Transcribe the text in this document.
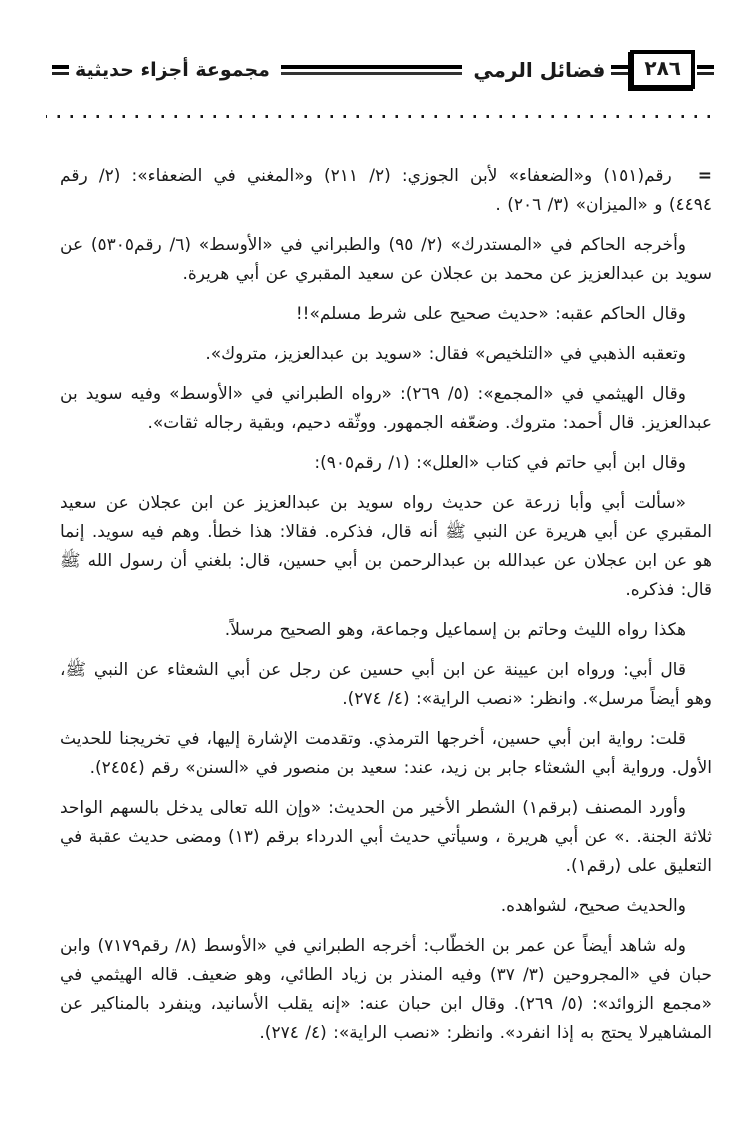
٢٨٦
فضائل الرمي
مجموعة أجزاء حديثية

=رقم(١٥١) و«الضعفاء» لأبن الجوزي: (٢/ ٢١١) و«المغني في الضعفاء»: (٢/ رقم ٤٤٩٤) و «الميزان» (٣/ ٢٠٦) .

وأخرجه الحاكم في «المستدرك» (٢/ ٩٥) والطبراني في «الأوسط» (٦/ رقم٥٣٠٥) عن سويد بن عبدالعزيز عن محمد بن عجلان عن سعيد المقبري عن أبي هريرة.

وقال الحاكم عقبه: «حديث صحيح على شرط مسلم»!!

وتعقبه الذهبي في «التلخيص» فقال: «سويد بن عبدالعزيز، متروك».

وقال الهيثمي في «المجمع»: (٥/ ٢٦٩): «رواه الطبراني في «الأوسط» وفيه سويد بن عبدالعزيز. قال أحمد: متروك. وضعّفه الجمهور. ووثّقه دحيم، وبقية رجاله ثقات».

وقال ابن أبي حاتم في كتاب «العلل»: (١/ رقم٩٠٥):

«سألت أبي وأبا زرعة عن حديث رواه سويد بن عبدالعزيز عن ابن عجلان عن سعيد المقبري عن أبي هريرة عن النبي ﷺ أنه قال، فذكره. فقالا: هذا خطأ. وهم فيه سويد. إنما هو عن ابن عجلان عن عبدالله بن عبدالرحمن بن أبي حسين، قال: بلغني أن رسول الله ﷺ قال: فذكره.

هكذا رواه الليث وحاتم بن إسماعيل وجماعة، وهو الصحيح مرسلاً.

قال أبي: ورواه ابن عيينة عن ابن أبي حسين عن رجل عن أبي الشعثاء عن النبي ﷺ، وهو أيضاً مرسل». وانظر: «نصب الراية»: (٤/ ٢٧٤).

قلت: رواية ابن أبي حسين، أخرجها الترمذي. وتقدمت الإشارة إليها، في تخريجنا للحديث الأول. ورواية أبي الشعثاء جابر بن زيد، عند: سعيد بن منصور في «السنن» رقم (٢٤٥٤).

وأورد المصنف (برقم١) الشطر الأخير من الحديث: «وإن الله تعالى يدخل بالسهم الواحد ثلاثة الجنة. .» عن أبي هريرة ، وسيأتي حديث أبي الدرداء برقم (١٣) ومضى حديث عقبة في التعليق على (رقم١).

والحديث صحيح، لشواهده.

وله شاهد أيضاً عن عمر بن الخطّاب: أخرجه الطبراني في «الأوسط (٨/ رقم٧١٧٩) وابن حبان في «المجروحين (٣/ ٣٧) وفيه المنذر بن زياد الطائي، وهو ضعيف. قاله الهيثمي في «مجمع الزوائد»: (٥/ ٢٦٩). وقال ابن حبان عنه: «إنه يقلب الأسانيد، وينفرد بالمناكير عن المشاهيرلا يحتج به إذا انفرد». وانظر: «نصب الراية»: (٤/ ٢٧٤).
